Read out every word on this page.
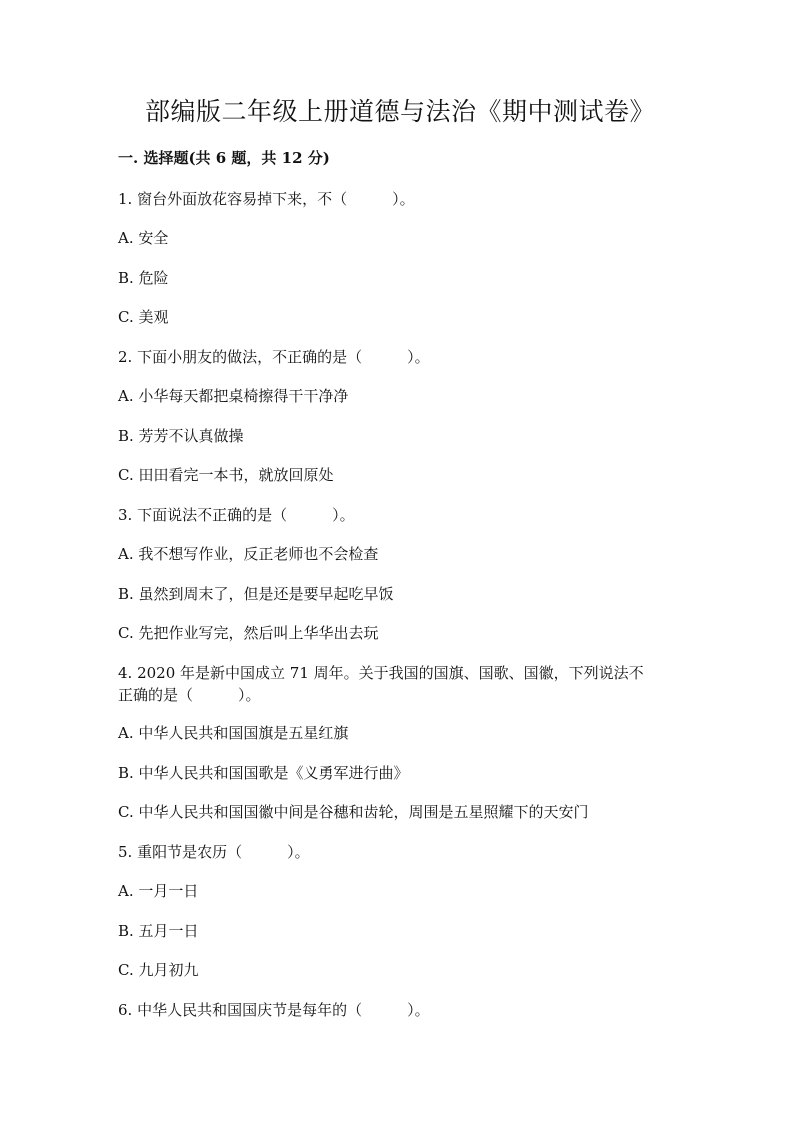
部编版二年级上册道德与法治《期中测试卷》
一. 选择题(共 6 题，共 12 分)
1. 窗台外面放花容易掉下来，不（　　　）。
A. 安全
B. 危险
C. 美观
2. 下面小朋友的做法，不正确的是（　　　）。
A. 小华每天都把桌椅擦得干干净净
B. 芳芳不认真做操
C. 田田看完一本书，就放回原处
3. 下面说法不正确的是（　　　）。
A. 我不想写作业，反正老师也不会检查
B. 虽然到周末了，但是还是要早起吃早饭
C. 先把作业写完，然后叫上华华出去玩
4. 2020 年是新中国成立 71 周年。关于我国的国旗、国歌、国徽，下列说法不
正确的是（　　　）。
A. 中华人民共和国国旗是五星红旗
B. 中华人民共和国国歌是《义勇军进行曲》
C. 中华人民共和国国徽中间是谷穗和齿轮，周围是五星照耀下的天安门
5. 重阳节是农历（　　　）。
A. 一月一日
B. 五月一日
C. 九月初九
6. 中华人民共和国国庆节是每年的（　　　）。
